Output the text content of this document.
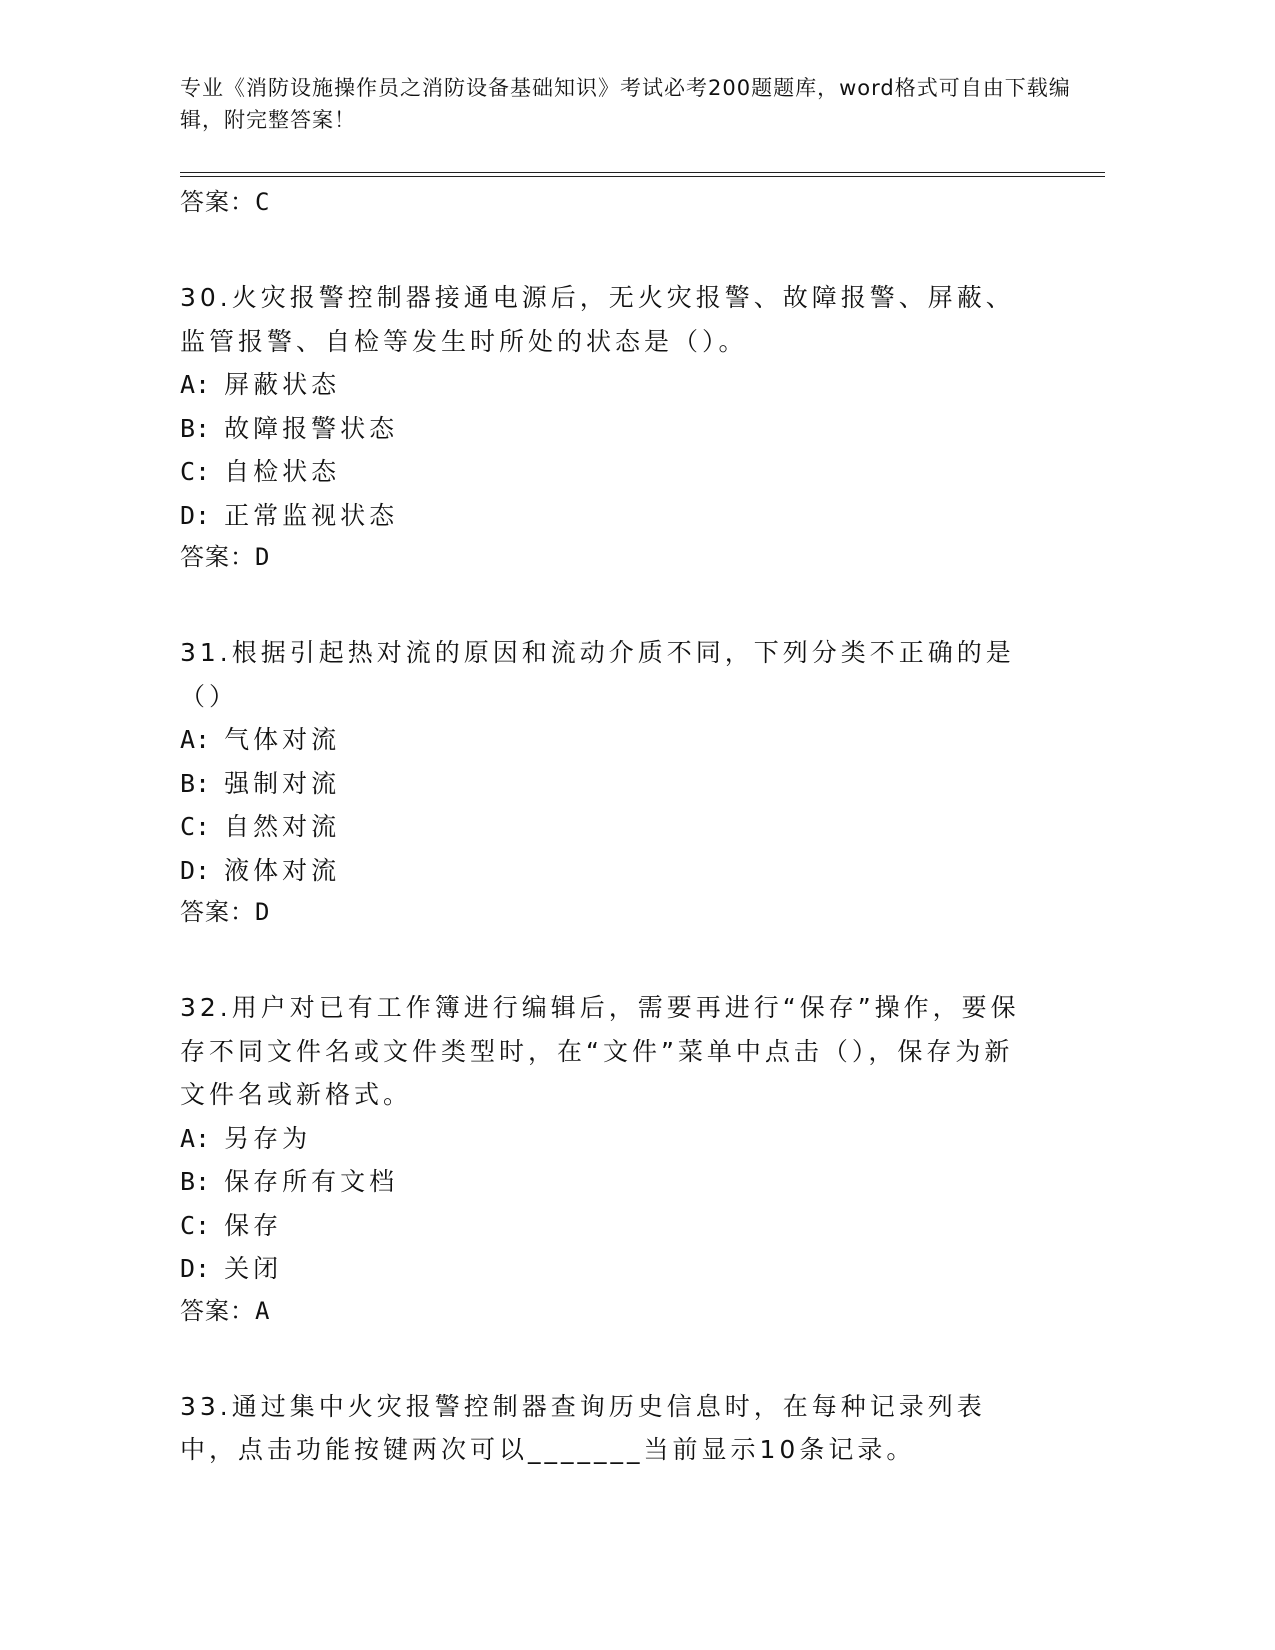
专业《消防设施操作员之消防设备基础知识》考试必考200题题库，word格式可自由下载编辑，附完整答案！
答案：C
30.火灾报警控制器接通电源后，无火灾报警、故障报警、屏蔽、监管报警、自检等发生时所处的状态是（）。
A: 屏蔽状态
B: 故障报警状态
C: 自检状态
D: 正常监视状态
答案：D
31.根据引起热对流的原因和流动介质不同，下列分类不正确的是（）
A: 气体对流
B: 强制对流
C: 自然对流
D: 液体对流
答案：D
32.用户对已有工作簿进行编辑后，需要再进行“保存”操作，要保存不同文件名或文件类型时，在“文件”菜单中点击（），保存为新文件名或新格式。
A: 另存为
B: 保存所有文档
C: 保存
D: 关闭
答案：A
33.通过集中火灾报警控制器查询历史信息时，在每种记录列表中，点击功能按键两次可以_______当前显示10条记录。
